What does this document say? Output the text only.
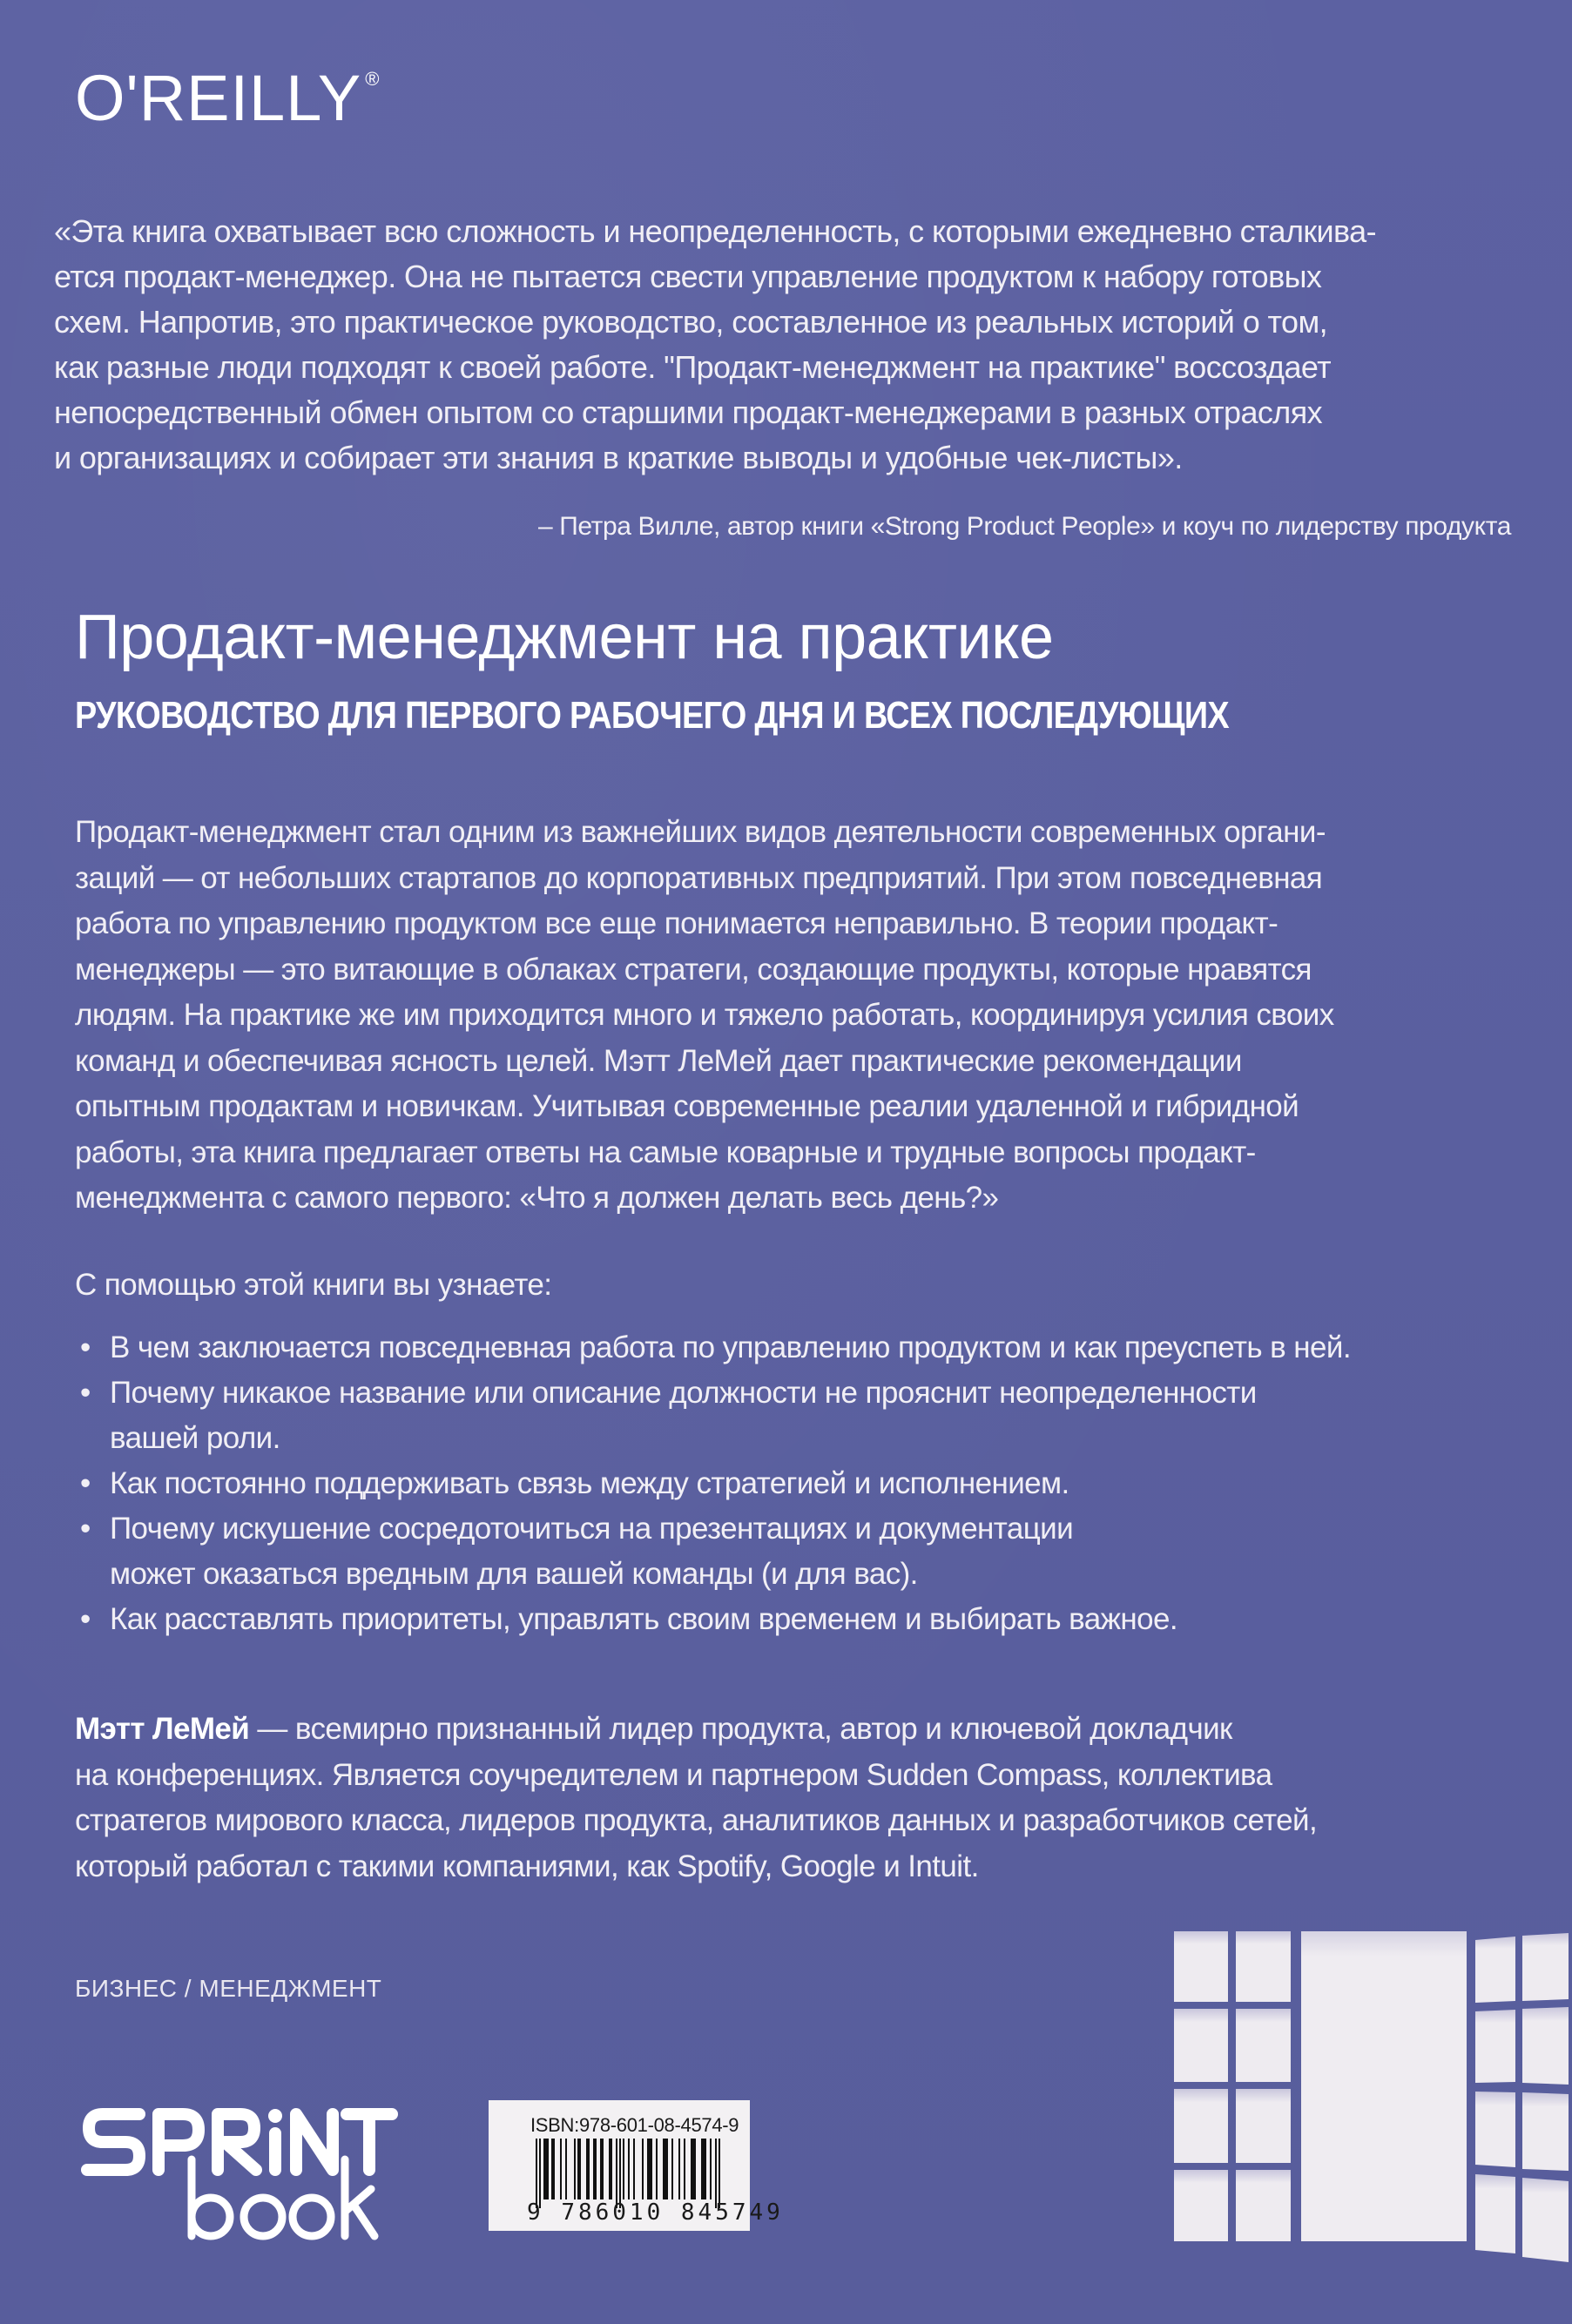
O'REILLY ®
«Эта книга охватывает всю сложность и неопределенность, с которыми ежедневно сталкива-
ется продакт-менеджер. Она не пытается свести управление продуктом к набору готовых
схем. Напротив, это практическое руководство, составленное из реальных историй о том,
как разные люди подходят к своей работе. "Продакт-менеджмент на практике" воссоздает
непосредственный обмен опытом со старшими продакт-менеджерами в разных отраслях
и организациях и собирает эти знания в краткие выводы и удобные чек-листы».
– Петра Вилле, автор книги «Strong Product People» и коуч по лидерству продукта
Продакт-менеджмент на практике
РУКОВОДСТВО ДЛЯ ПЕРВОГО РАБОЧЕГО ДНЯ И ВСЕХ ПОСЛЕДУЮЩИХ
Продакт-менеджмент стал одним из важнейших видов деятельности современных органи-
заций — от небольших стартапов до корпоративных предприятий. При этом повседневная
работа по управлению продуктом все еще понимается неправильно. В теории продакт-
менеджеры — это витающие в облаках стратеги, создающие продукты, которые нравятся
людям. На практике же им приходится много и тяжело работать, координируя усилия своих
команд и обеспечивая ясность целей. Мэтт ЛеМей дает практические рекомендации
опытным продактам и новичкам. Учитывая современные реалии удаленной и гибридной
работы, эта книга предлагает ответы на самые коварные и трудные вопросы продакт-
менеджмента с самого первого: «Что я должен делать весь день?»
С помощью этой книги вы узнаете:
• В чем заключается повседневная работа по управлению продуктом и как преуспеть в ней.
• Почему никакое название или описание должности не прояснит неопределенности
вашей роли.
• Как постоянно поддерживать связь между стратегией и исполнением.
• Почему искушение сосредоточиться на презентациях и документации
может оказаться вредным для вашей команды (и для вас).
• Как расставлять приоритеты, управлять своим временем и выбирать важное.
Мэтт ЛеМей — всемирно признанный лидер продукта, автор и ключевой докладчик
на конференциях. Является соучредителем и партнером Sudden Compass, коллектива
стратегов мирового класса, лидеров продукта, аналитиков данных и разработчиков сетей,
который работал с такими компаниями, как Spotify, Google и Intuit.
БИЗНЕС / МЕНЕДЖМЕНТ
ISBN:978-601-08-4574-9
9 786010 845749
